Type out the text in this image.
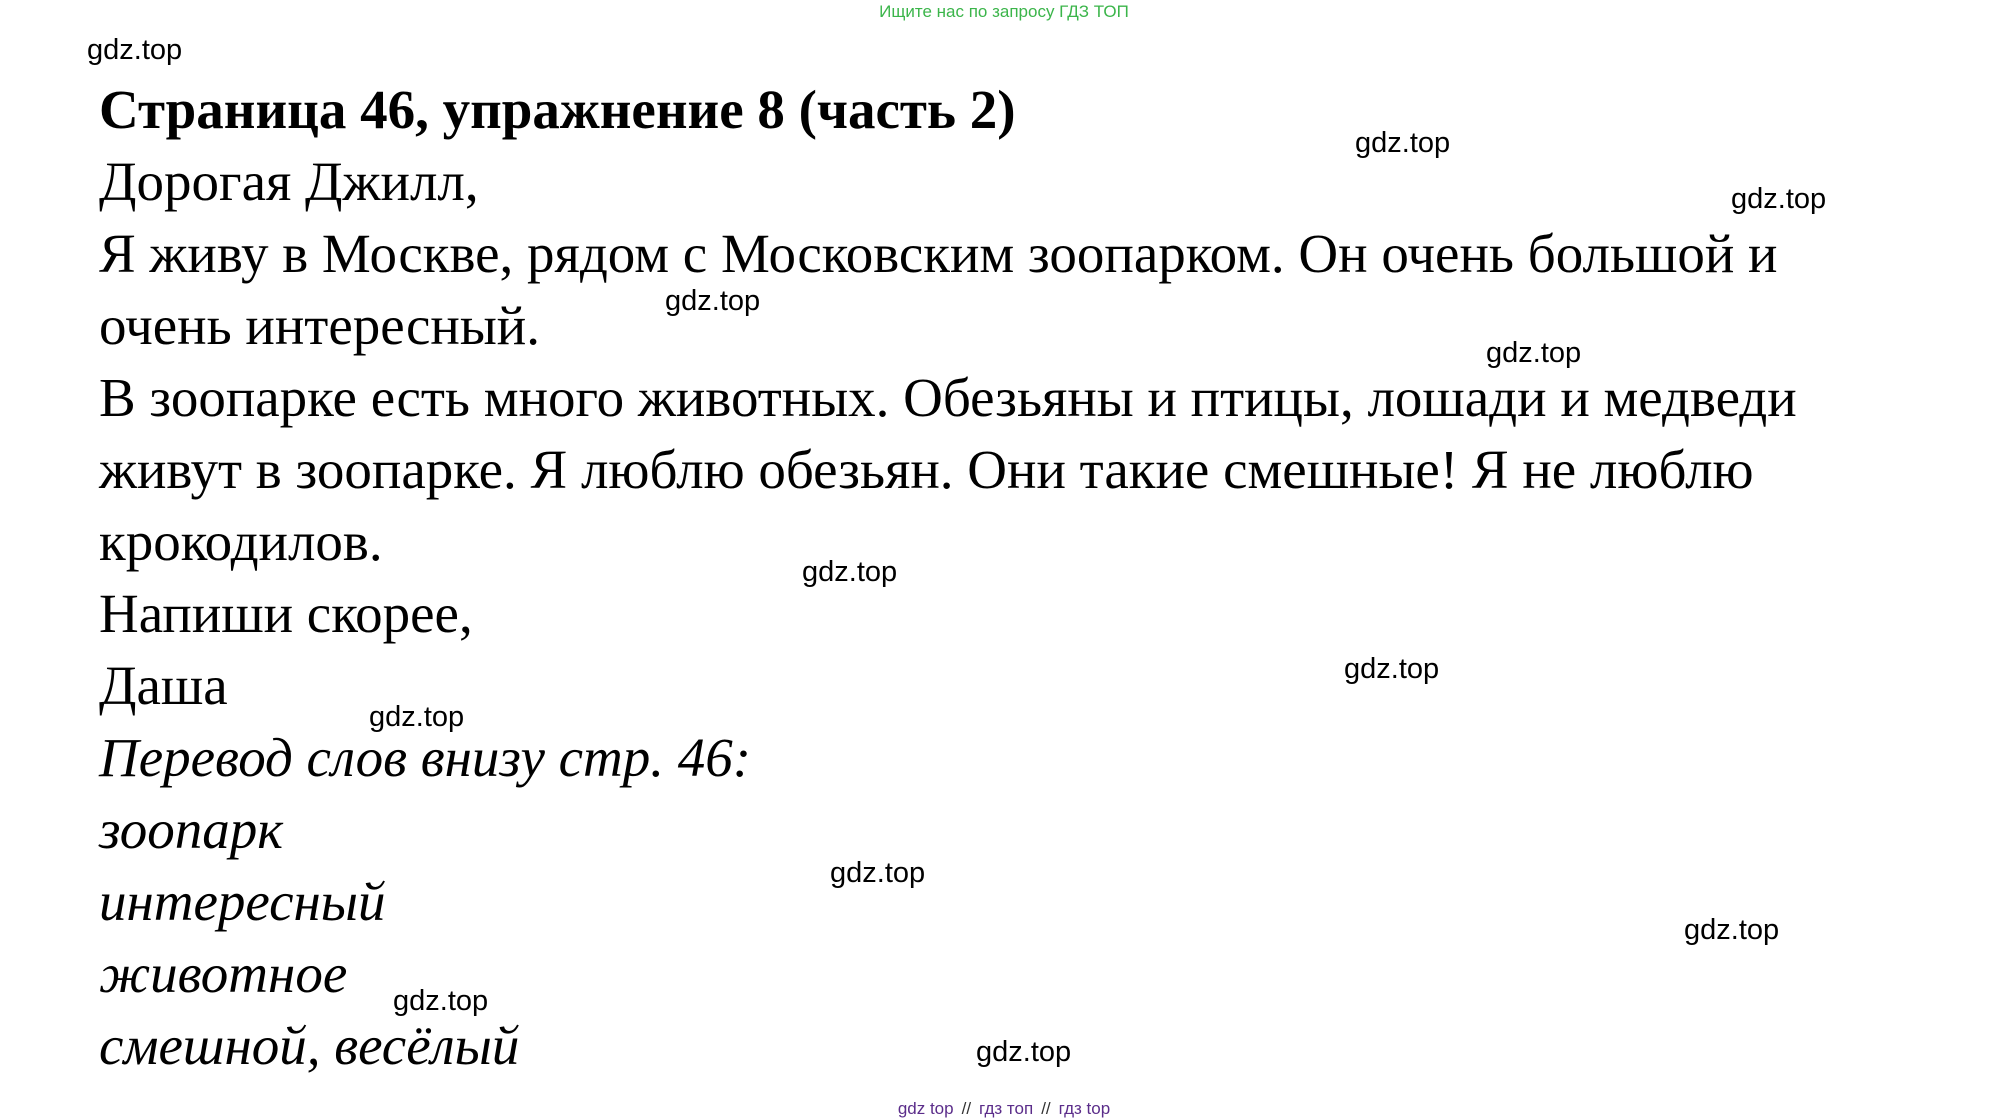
Ищите нас по запросу ГДЗ ТОП

Страница 46, упражнение 8 (часть 2)

Дорогая Джилл,

Я живу в Москве, рядом с Московским зоопарком. Он очень большой и

очень интересный.

В зоопарке есть много животных. Обезьяны и птицы, лошади и медведи

живут в зоопарке. Я люблю обезьян. Они такие смешные! Я не люблю

крокодилов.

Напиши скорее,

Даша

Перевод слов внизу стр. 46:

зоопарк

интересный

животное

смешной, весёлый

gdz.top
gdz.top
gdz.top
gdz.top
gdz.top
gdz.top
gdz.top
gdz.top
gdz.top
gdz.top
gdz.top
gdz.top
gdz top // гдз топ // гдз top
